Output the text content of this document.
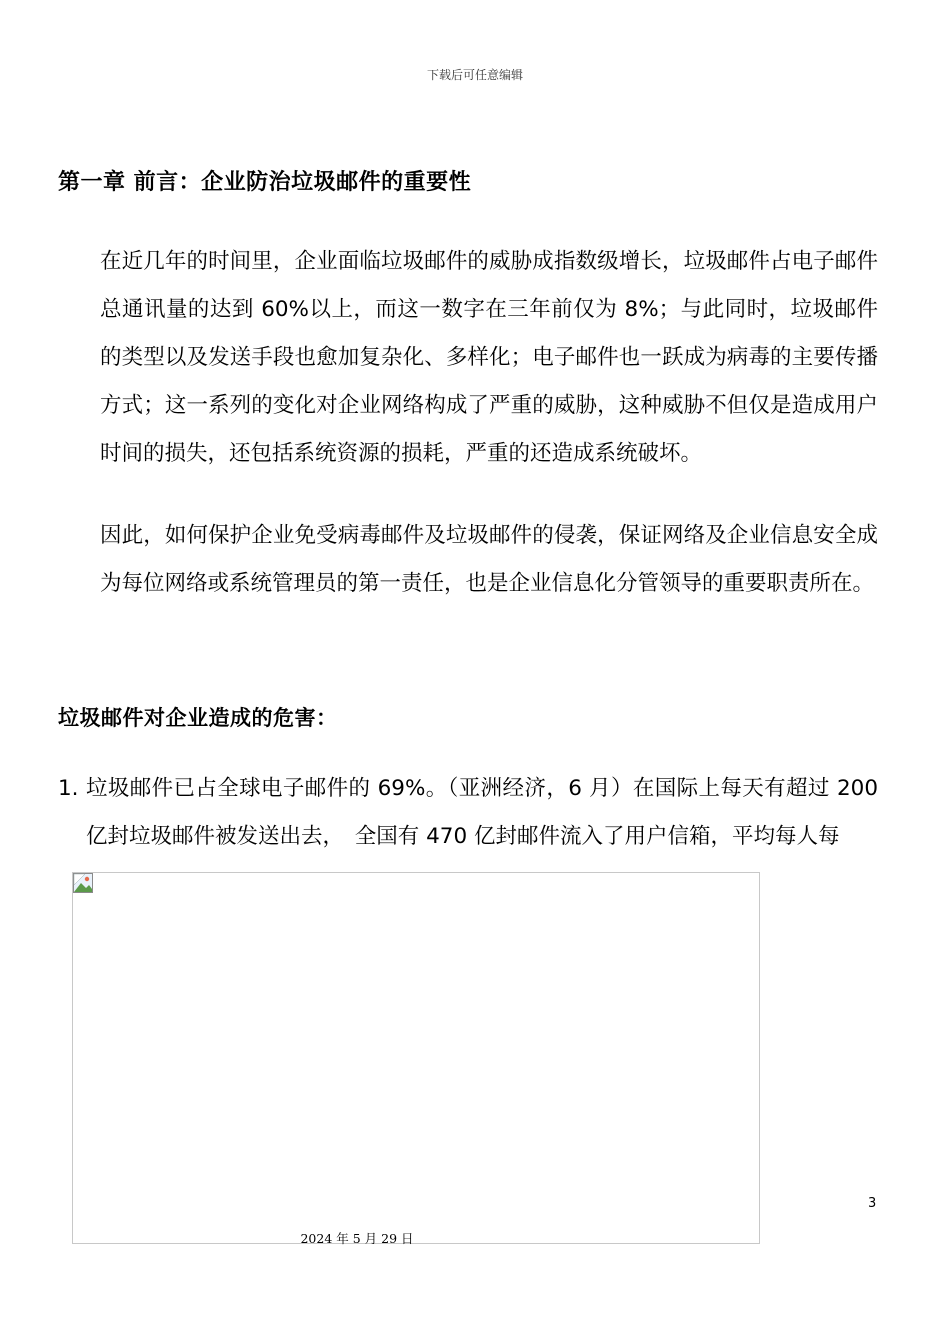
下载后可任意编辑
第一章 前言：企业防治垃圾邮件的重要性
在近几年的时间里，企业面临垃圾邮件的威胁成指数级增长，垃圾邮件占电子邮件总通讯量的达到 60%以上，而这一数字在三年前仅为 8%；与此同时，垃圾邮件的类型以及发送手段也愈加复杂化、多样化；电子邮件也一跃成为病毒的主要传播方式；这一系列的变化对企业网络构成了严重的威胁，这种威胁不但仅是造成用户时间的损失，还包括系统资源的损耗，严重的还造成系统破坏。
因此，如何保护企业免受病毒邮件及垃圾邮件的侵袭，保证网络及企业信息安全成为每位网络或系统管理员的第一责任，也是企业信息化分管领导的重要职责所在。
垃圾邮件对企业造成的危害：
1. 垃圾邮件已占全球电子邮件的 69%。（亚洲经济，6 月）在国际上每天有超过 200 亿封垃圾邮件被发送出去，　全国有 470 亿封邮件流入了用户信箱，平均每人每
3
2024 年 5 月 29 日
